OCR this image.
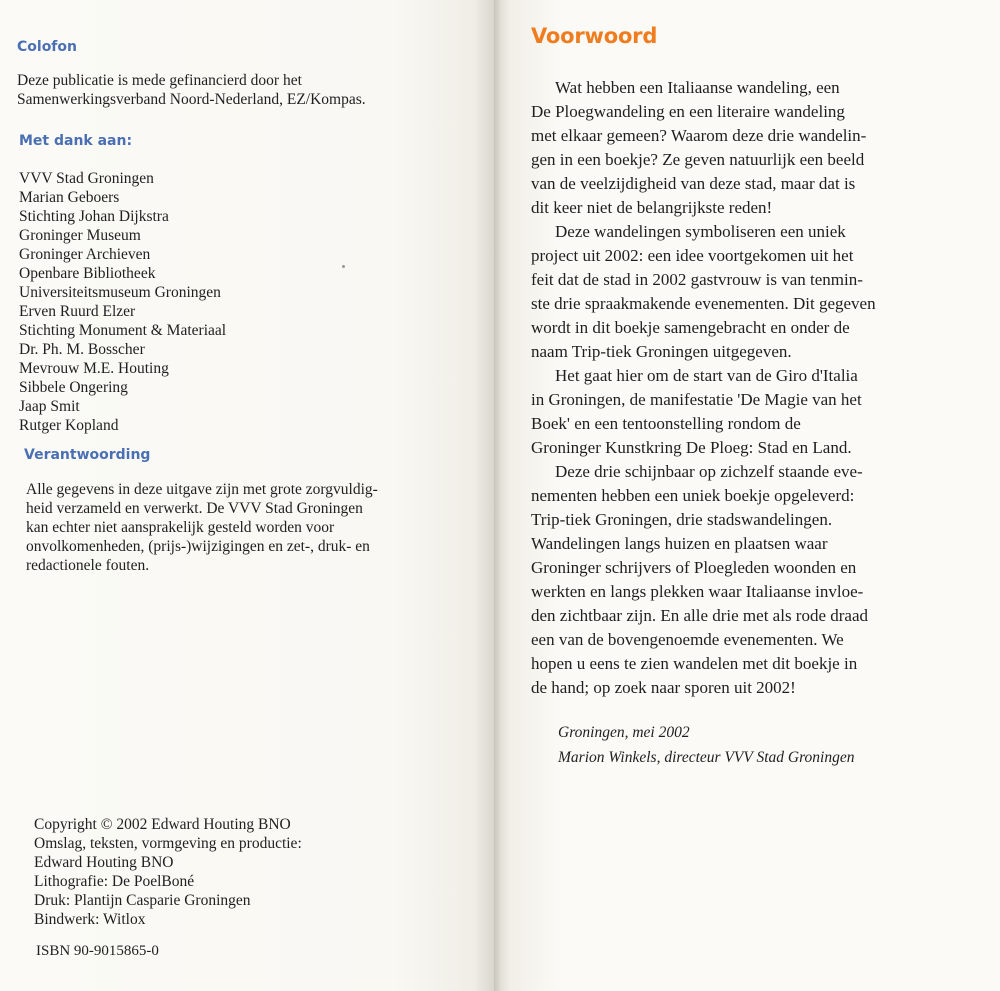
Colofon

Deze publicatie is mede gefinancierd door het
Samenwerkingsverband Noord-Nederland, EZ/Kompas.

Met dank aan:
VVV Stad Groningen
Marian Geboers
Stichting Johan Dijkstra
Groninger Museum
Groninger Archieven
Openbare Bibliotheek
Universiteitsmuseum Groningen
Erven Ruurd Elzer
Stichting Monument & Materiaal
Dr. Ph. M. Bosscher
Mevrouw M.E. Houting
Sibbele Ongering
Jaap Smit
Rutger Kopland
Verantwoording

Alle gegevens in deze uitgave zijn met grote zorgvuldig-
heid verzameld en verwerkt. De VVV Stad Groningen
kan echter niet aansprakelijk gesteld worden voor
onvolkomenheden, (prijs-)wijzigingen en zet-, druk- en
redactionele fouten.

Copyright © 2002 Edward Houting BNO
Omslag, teksten, vormgeving en productie:
Edward Houting BNO
Lithografie: De PoelBoné
Druk: Plantijn Casparie Groningen
Bindwerk: Witlox

ISBN 90-9015865-0

Voorwoord
Wat hebben een Italiaanse wandeling, een
De Ploegwandeling en een literaire wandeling
met elkaar gemeen? Waarom deze drie wandelin-
gen in een boekje? Ze geven natuurlijk een beeld
van de veelzijdigheid van deze stad, maar dat is
dit keer niet de belangrijkste reden!
Deze wandelingen symboliseren een uniek
project uit 2002: een idee voortgekomen uit het
feit dat de stad in 2002 gastvrouw is van tenmin-
ste drie spraakmakende evenementen. Dit gegeven
wordt in dit boekje samengebracht en onder de
naam Trip-tiek Groningen uitgegeven.
Het gaat hier om de start van de Giro d'Italia
in Groningen, de manifestatie 'De Magie van het
Boek' en een tentoonstelling rondom de
Groninger Kunstkring De Ploeg: Stad en Land.
Deze drie schijnbaar op zichzelf staande eve-
nementen hebben een uniek boekje opgeleverd:
Trip-tiek Groningen, drie stadswandelingen.
Wandelingen langs huizen en plaatsen waar
Groninger schrijvers of Ploegleden woonden en
werkten en langs plekken waar Italiaanse invloe-
den zichtbaar zijn. En alle drie met als rode draad
een van de bovengenoemde evenementen. We
hopen u eens te zien wandelen met dit boekje in
de hand; op zoek naar sporen uit 2002!
Groningen, mei 2002
Marion Winkels, directeur VVV Stad Groningen
